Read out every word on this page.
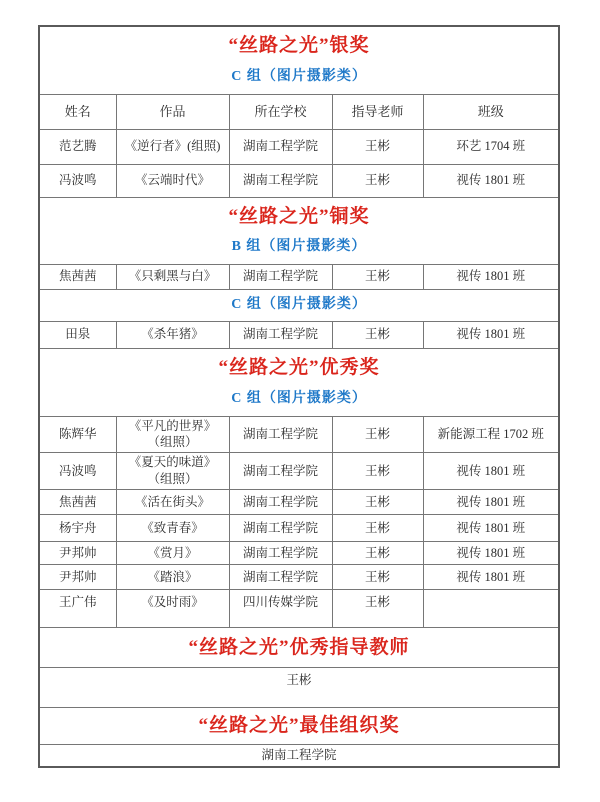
“丝路之光”银奖
C 组（图片摄影类）				

姓名	作品	所在学校	指导老师	班级
范艺腾	《逆行者》(组照)	湖南工程学院	王彬	环艺 1704 班
冯波鸣	《云端时代》	湖南工程学院	王彬	视传 1801 班

“丝路之光”铜奖
B 组（图片摄影类）				

焦茜茜	《只剩黑与白》	湖南工程学院	王彬	视传 1801 班
C 组（图片摄影类）				
田泉	《杀年猪》	湖南工程学院	王彬	视传 1801 班

“丝路之光”优秀奖
C 组（图片摄影类）				

陈辉华	《平凡的世界》（组照）	湖南工程学院	王彬	新能源工程 1702 班
冯波鸣	《夏天的味道》（组照）	湖南工程学院	王彬	视传 1801 班
焦茜茜	《活在街头》	湖南工程学院	王彬	视传 1801 班
杨宇舟	《致青春》	湖南工程学院	王彬	视传 1801 班
尹邦帅	《赏月》	湖南工程学院	王彬	视传 1801 班
尹邦帅	《踏浪》	湖南工程学院	王彬	视传 1801 班
王广伟	《及时雨》	四川传媒学院	王彬	

“丝路之光”优秀指导教师				

王彬				

“丝路之光”最佳组织奖				

湖南工程学院				
